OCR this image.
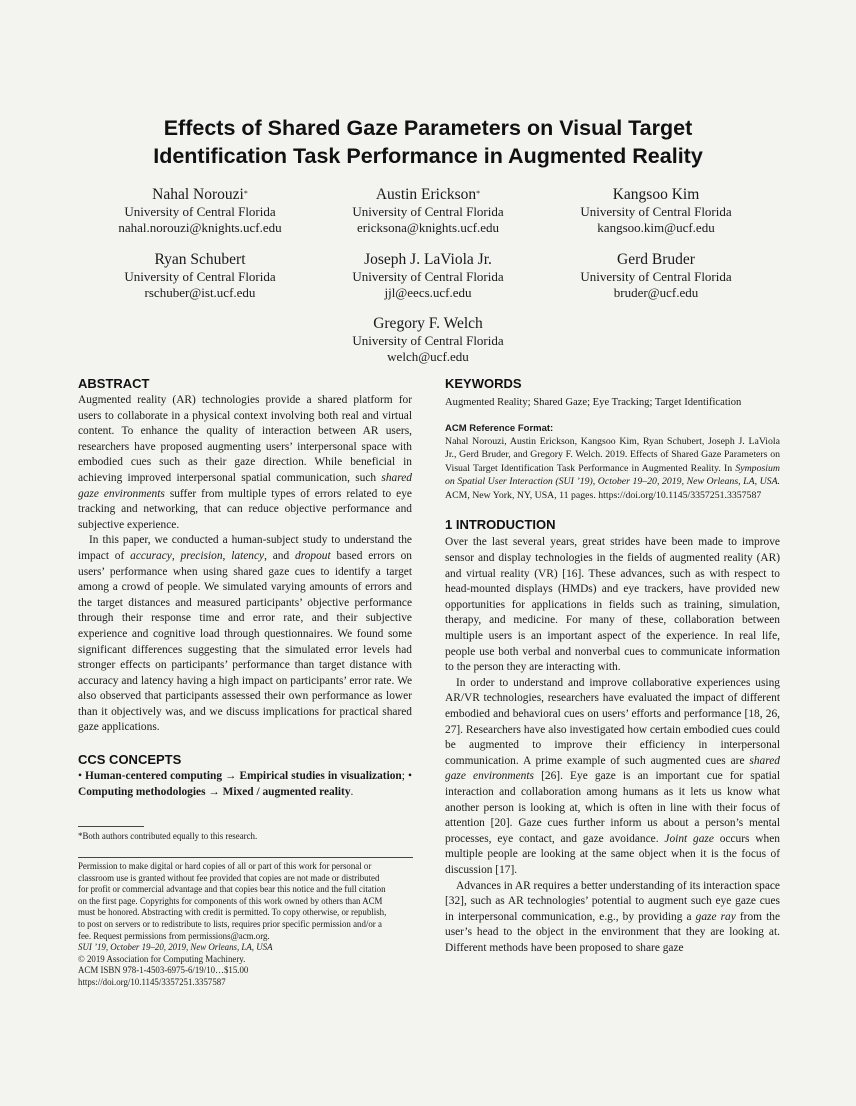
Effects of Shared Gaze Parameters on Visual Target
Identification Task Performance in Augmented Reality
Nahal Norouzi*
University of Central Florida
nahal.norouzi@knights.ucf.edu
Austin Erickson*
University of Central Florida
ericksona@knights.ucf.edu
Kangsoo Kim
University of Central Florida
kangsoo.kim@ucf.edu
Ryan Schubert
University of Central Florida
rschuber@ist.ucf.edu
Joseph J. LaViola Jr.
University of Central Florida
jjl@eecs.ucf.edu
Gerd Bruder
University of Central Florida
bruder@ucf.edu
Gregory F. Welch
University of Central Florida
welch@ucf.edu
ABSTRACT

Augmented reality (AR) technologies provide a shared platform for users to collaborate in a physical context involving both real and virtual content. To enhance the quality of interaction between AR users, researchers have proposed augmenting users’ interpersonal space with embodied cues such as their gaze direction. While beneficial in achieving improved interpersonal spatial communication, such shared gaze environments suffer from multiple types of errors related to eye tracking and networking, that can reduce objective performance and subjective experience.

In this paper, we conducted a human-subject study to understand the impact of accuracy, precision, latency, and dropout based errors on users’ performance when using shared gaze cues to identify a target among a crowd of people. We simulated varying amounts of errors and the target distances and measured participants’ objective performance through their response time and error rate, and their subjective experience and cognitive load through questionnaires. We found some significant differences suggesting that the simulated error levels had stronger effects on participants’ performance than target distance with accuracy and latency having a high impact on participants’ error rate. We also observed that participants assessed their own performance as lower than it objectively was, and we discuss implications for practical shared gaze applications.

CCS CONCEPTS

• Human-centered computing → Empirical studies in visualization; • Computing methodologies → Mixed / augmented reality.

*Both authors contributed equally to this research.
Permission to make digital or hard copies of all or part of this work for personal or
classroom use is granted without fee provided that copies are not made or distributed
for profit or commercial advantage and that copies bear this notice and the full citation
on the first page. Copyrights for components of this work owned by others than ACM
must be honored. Abstracting with credit is permitted. To copy otherwise, or republish,
to post on servers or to redistribute to lists, requires prior specific permission and/or a
fee. Request permissions from permissions@acm.org.
SUI ’19, October 19–20, 2019, New Orleans, LA, USA
© 2019 Association for Computing Machinery.
ACM ISBN 978-1-4503-6975-6/19/10…$15.00
https://doi.org/10.1145/3357251.3357587
KEYWORDS

Augmented Reality; Shared Gaze; Eye Tracking; Target Identification

ACM Reference Format:

Nahal Norouzi, Austin Erickson, Kangsoo Kim, Ryan Schubert, Joseph J. LaViola Jr., Gerd Bruder, and Gregory F. Welch. 2019. Effects of Shared Gaze Parameters on Visual Target Identification Task Performance in Augmented Reality. In Symposium on Spatial User Interaction (SUI ’19), October 19–20, 2019, New Orleans, LA, USA. ACM, New York, NY, USA, 11 pages. https://doi.org/10.1145/3357251.3357587

1 INTRODUCTION

Over the last several years, great strides have been made to improve sensor and display technologies in the fields of augmented reality (AR) and virtual reality (VR) [16]. These advances, such as with respect to head-mounted displays (HMDs) and eye trackers, have provided new opportunities for applications in fields such as training, simulation, therapy, and medicine. For many of these, collaboration between multiple users is an important aspect of the experience. In real life, people use both verbal and nonverbal cues to communicate information to the person they are interacting with.

In order to understand and improve collaborative experiences using AR/VR technologies, researchers have evaluated the impact of different embodied and behavioral cues on users’ efforts and performance [18, 26, 27]. Researchers have also investigated how certain embodied cues could be augmented to improve their efficiency in interpersonal communication. A prime example of such augmented cues are shared gaze environments [26]. Eye gaze is an important cue for spatial interaction and collaboration among humans as it lets us know what another person is looking at, which is often in line with their focus of attention [20]. Gaze cues further inform us about a person’s mental processes, eye contact, and gaze avoidance. Joint gaze occurs when multiple people are looking at the same object when it is the focus of discussion [17].

Advances in AR requires a better understanding of its interaction space [32], such as AR technologies’ potential to augment such eye gaze cues in interpersonal communication, e.g., by providing a gaze ray from the user’s head to the object in the environment that they are looking at. Different methods have been proposed to share gaze
